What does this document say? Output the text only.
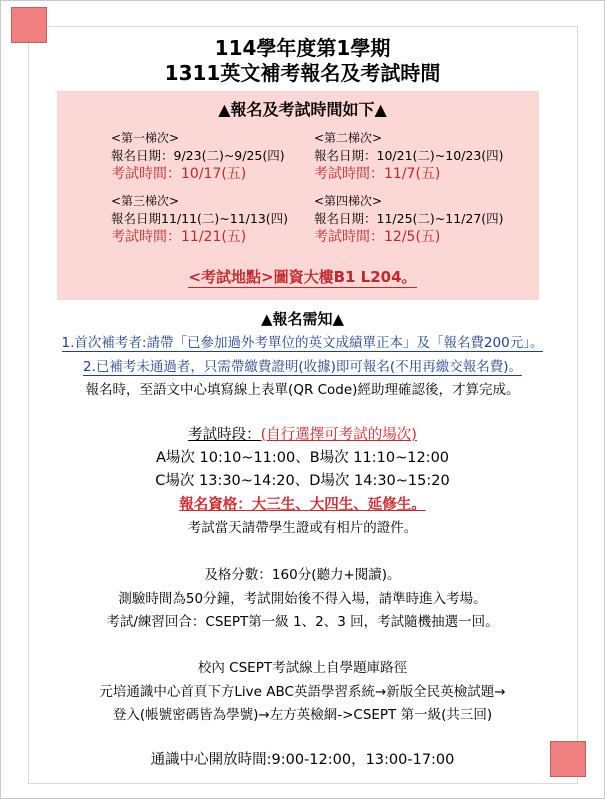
114學年度第1學期
1311英文補考報名及考試時間
▲報名及考試時間如下▲
<第一梯次>
報名日期：9/23(二)~9/25(四)
考試時間：10/17(五)
<第二梯次>
報名日期：10/21(二)~10/23(四)
考試時間：11/7(五)
<第三梯次>
報名日期11/11(二)~11/13(四)
考試時間：11/21(五)
<第四梯次>
報名日期：11/25(二)~11/27(四)
考試時間：12/5(五)
<考試地點>圖資大樓B1 L204。
▲報名需知▲
1.首次補考者:請帶「已參加過外考單位的英文成績單正本」及「報名費200元」。
2.已補考未通過者，只需帶繳費證明(收據)即可報名(不用再繳交報名費)。
報名時，至語文中心填寫線上表單(QR Code)經助理確認後，才算完成。
考試時段：(自行選擇可考試的場次)
A場次 10:10~11:00、B場次 11:10~12:00
C場次 13:30~14:20、D場次 14:30~15:20
報名資格：大三生、大四生、延修生。
考試當天請帶學生證或有相片的證件。
及格分數：160分(聽力+閱讀)。
測驗時間為50分鐘，考試開始後不得入場，請準時進入考場。
考試/練習回合：CSEPT第一級 1、2、3 回，考試隨機抽選一回。
校內 CSEPT考試線上自學題庫路徑
元培通識中心首頁下方Live ABC英語學習系統→新版全民英檢試題→
登入(帳號密碼皆為學號)→左方英檢網->CSEPT 第一級(共三回)
通識中心開放時間:9:00-12:00，13:00-17:00
